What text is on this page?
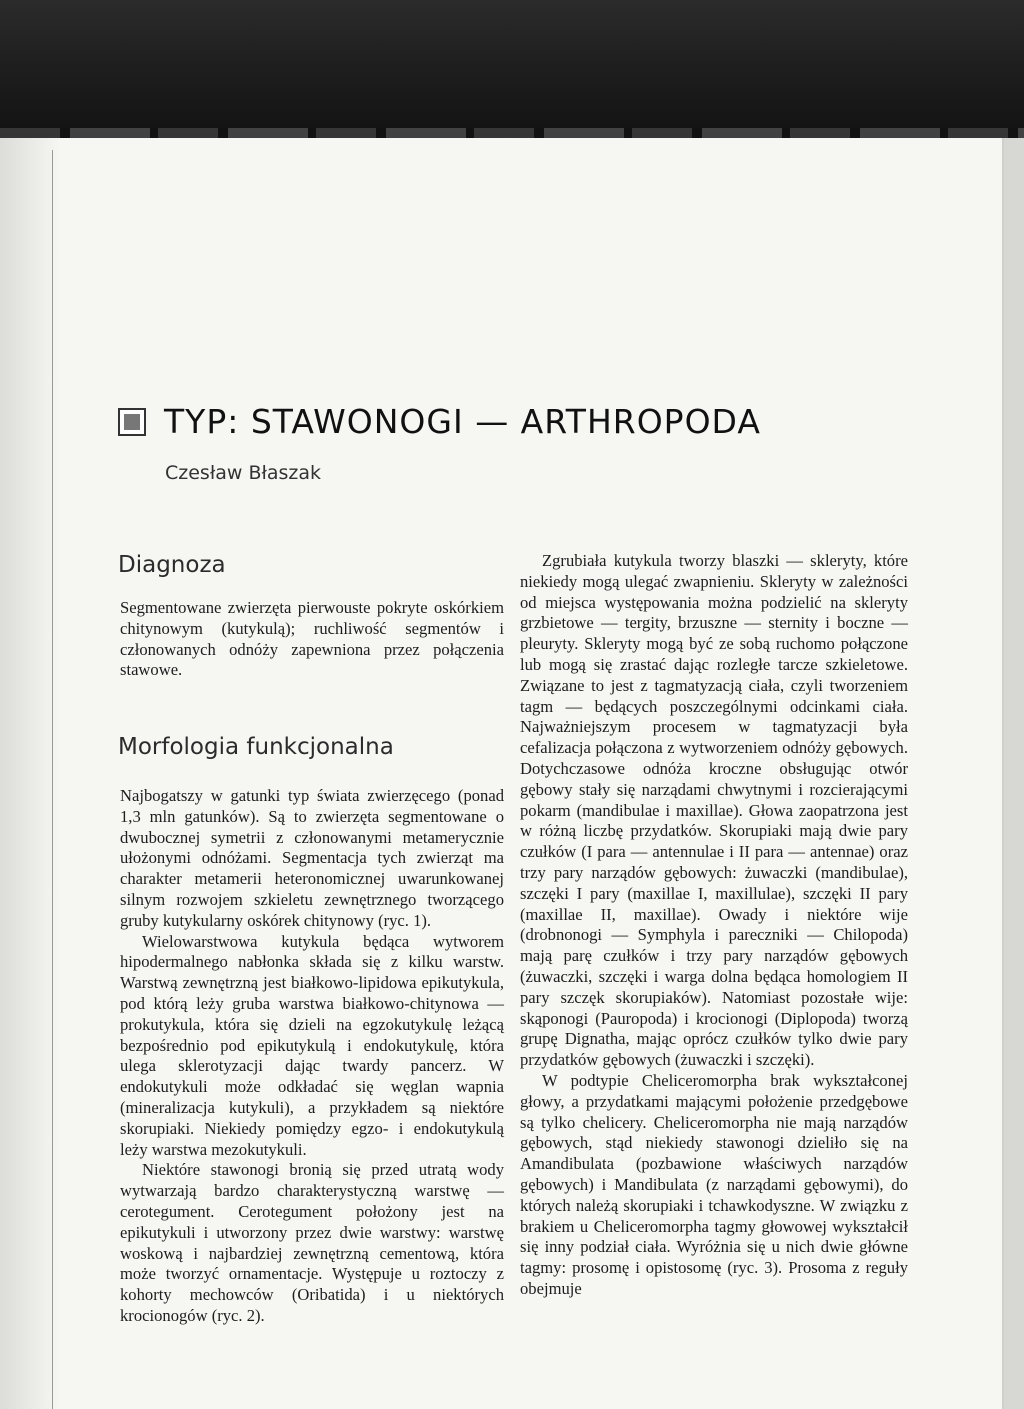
TYP: STAWONOGI — ARTHROPODA
Czesław Błaszak
Diagnoza

Segmentowane zwierzęta pierwouste pokryte oskórkiem chitynowym (kutykulą); ruchliwość segmentów i członowanych odnóży zapewniona przez połączenia stawowe.

Morfologia funkcjonalna

Najbogatszy w gatunki typ świata zwierzęcego (ponad 1,3 mln gatunków). Są to zwierzęta segmentowane o dwubocznej symetrii z członowanymi metamerycznie ułożonymi odnóżami. Segmentacja tych zwierząt ma charakter metamerii heteronomicznej uwarunkowanej silnym rozwojem szkieletu zewnętrznego tworzącego gruby kutykularny oskórek chitynowy (ryc. 1).

Wielowarstwowa kutykula będąca wytworem hipodermalnego nabłonka składa się z kilku warstw. Warstwą zewnętrzną jest białkowo-lipidowa epikutykula, pod którą leży gruba warstwa białkowo-chitynowa — prokutykula, która się dzieli na egzokutykulę leżącą bezpośrednio pod epikutykulą i endokutykulę, która ulega sklerotyzacji dając twardy pancerz. W endokutykuli może odkładać się węglan wapnia (mineralizacja kutykuli), a przykładem są niektóre skorupiaki. Niekiedy pomiędzy egzo- i endokutykulą leży warstwa mezokutykuli.

Niektóre stawonogi bronią się przed utratą wody wytwarzają bardzo charakterystyczną warstwę — cerotegument. Cerotegument położony jest na epikutykuli i utworzony przez dwie warstwy: warstwę woskową i najbardziej zewnętrzną cementową, która może tworzyć ornamentacje. Występuje u roztoczy z kohorty mechowców (Oribatida) i u niektórych krocionogów (ryc. 2).

Zgrubiała kutykula tworzy blaszki — skleryty, które niekiedy mogą ulegać zwapnieniu. Skleryty w zależności od miejsca występowania można podzielić na skleryty grzbietowe — tergity, brzuszne — sternity i boczne — pleuryty. Skleryty mogą być ze sobą ruchomo połączone lub mogą się zrastać dając rozległe tarcze szkieletowe. Związane to jest z tagmatyzacją ciała, czyli tworzeniem tagm — będących poszczególnymi odcinkami ciała. Najważniejszym procesem w tagmatyzacji była cefalizacja połączona z wytworzeniem odnóży gębowych. Dotychczasowe odnóża kroczne obsługując otwór gębowy stały się narządami chwytnymi i rozcierającymi pokarm (mandibulae i maxillae). Głowa zaopatrzona jest w różną liczbę przydatków. Skorupiaki mają dwie pary czułków (I para — antennulae i II para — antennae) oraz trzy pary narządów gębowych: żuwaczki (mandibulae), szczęki I pary (maxillae I, maxillulae), szczęki II pary (maxillae II, maxillae). Owady i niektóre wije (drobnonogi — Symphyla i pareczniki — Chilopoda) mają parę czułków i trzy pary narządów gębowych (żuwaczki, szczęki i warga dolna będąca homologiem II pary szczęk skorupiaków). Natomiast pozostałe wije: skąponogi (Pauropoda) i krocionogi (Diplopoda) tworzą grupę Dignatha, mając oprócz czułków tylko dwie pary przydatków gębowych (żuwaczki i szczęki).

W podtypie Cheliceromorpha brak wykształconej głowy, a przydatkami mającymi położenie przedgębowe są tylko chelicery. Cheliceromorpha nie mają narządów gębowych, stąd niekiedy stawonogi dzieliło się na Amandibulata (pozbawione właściwych narządów gębowych) i Mandibulata (z narządami gębowymi), do których należą skorupiaki i tchawkodyszne. W związku z brakiem u Cheliceromorpha tagmy głowowej wykształcił się inny podział ciała. Wyróżnia się u nich dwie główne tagmy: prosomę i opistosomę (ryc. 3). Prosoma z reguły obejmuje
